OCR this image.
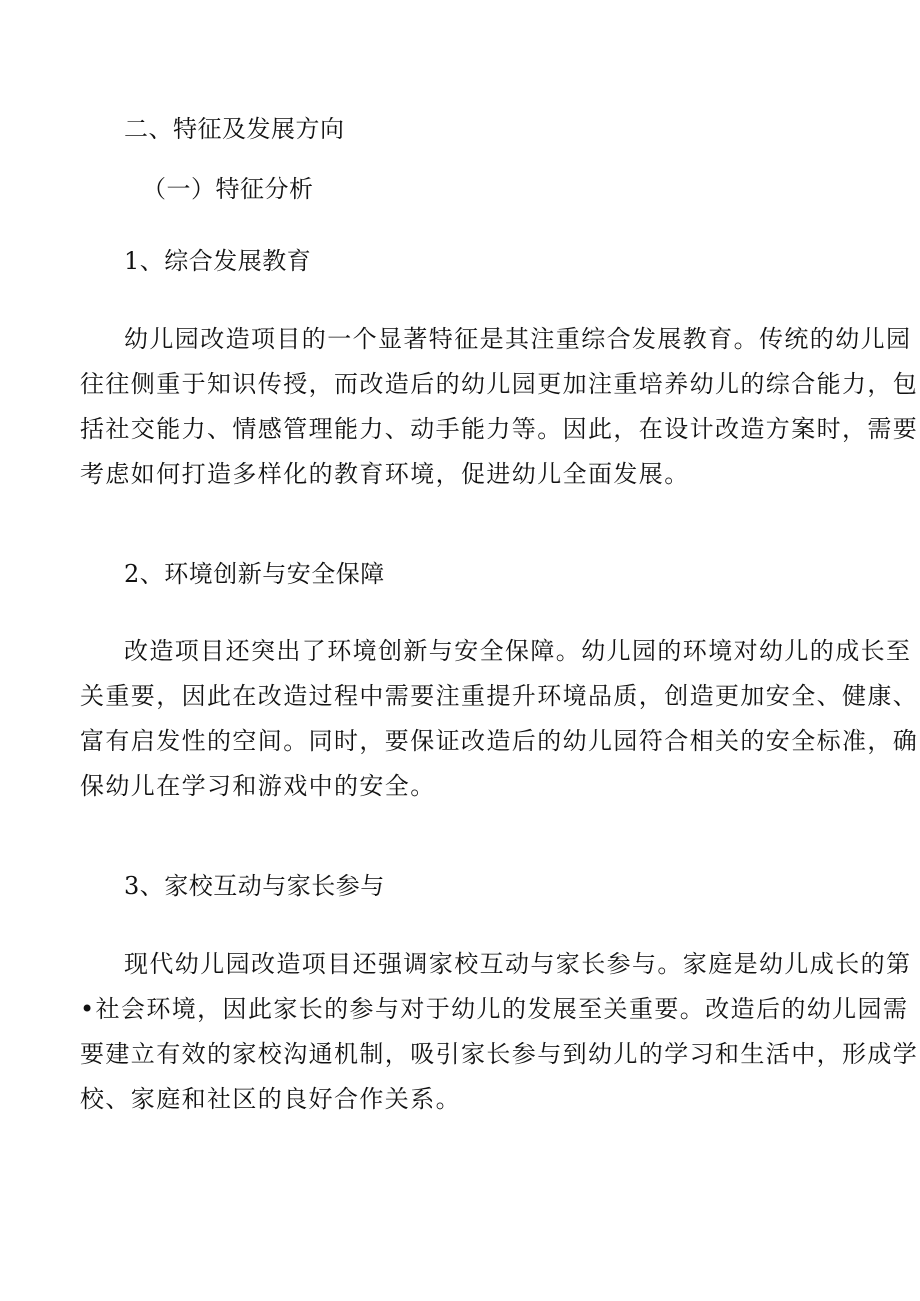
二、特征及发展方向
（一）特征分析
1、综合发展教育
幼儿园改造项目的一个显著特征是其注重综合发展教育。传统的幼儿园
往往侧重于知识传授，而改造后的幼儿园更加注重培养幼儿的综合能力，包
括社交能力、情感管理能力、动手能力等。因此，在设计改造方案时，需要
考虑如何打造多样化的教育环境，促进幼儿全面发展。
2、环境创新与安全保障
改造项目还突出了环境创新与安全保障。幼儿园的环境对幼儿的成长至
关重要，因此在改造过程中需要注重提升环境品质，创造更加安全、健康、
富有启发性的空间。同时，要保证改造后的幼儿园符合相关的安全标准，确
保幼儿在学习和游戏中的安全。
3、家校互动与家长参与
现代幼儿园改造项目还强调家校互动与家长参与。家庭是幼儿成长的第
•社会环境，因此家长的参与对于幼儿的发展至关重要。改造后的幼儿园需
要建立有效的家校沟通机制，吸引家长参与到幼儿的学习和生活中，形成学
校、家庭和社区的良好合作关系。
